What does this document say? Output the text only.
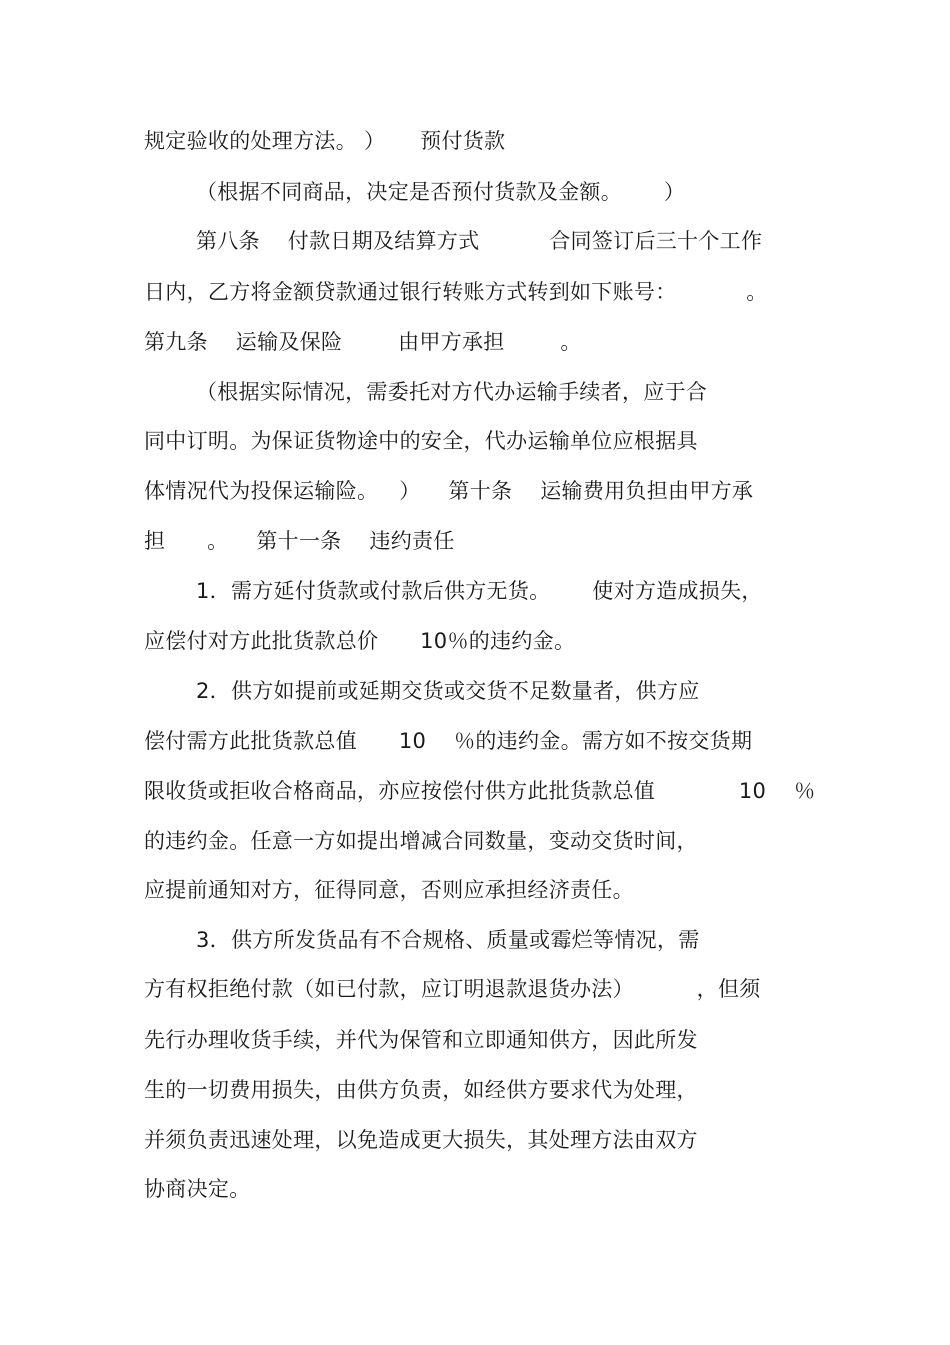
规定验收的处理方法。 ）     预付货款
（根据不同商品，决定是否预付货款及金额。      ）
第八条    付款日期及结算方式          合同签订后三十个工作
日内，乙方将金额贷款通过银行转账方式转到如下账号：          。
第九条    运输及保险        由甲方承担        。
（根据实际情况，需委托对方代办运输手续者，应于合
同中订明。为保证货物途中的安全，代办运输单位应根据具
体情况代为投保运输险。   ）    第十条    运输费用负担由甲方承
担      。    第十一条    违约责任
1．需方延付货款或付款后供方无货。      使对方造成损失，
应偿付对方此批货款总价      10％的违约金。
2．供方如提前或延期交货或交货不足数量者，供方应
偿付需方此批货款总值      10    ％的违约金。需方如不按交货期
限收货或拒收合格商品，亦应按偿付供方此批货款总值            10    ％
的违约金。任意一方如提出增减合同数量，变动交货时间，
应提前通知对方，征得同意，否则应承担经济责任。
3．供方所发货品有不合规格、质量或霉烂等情况，需
方有权拒绝付款（如已付款，应订明退款退货办法）         ，但须
先行办理收货手续，并代为保管和立即通知供方，因此所发
生的一切费用损失，由供方负责，如经供方要求代为处理，
并须负责迅速处理，以免造成更大损失，其处理方法由双方
协商决定。
